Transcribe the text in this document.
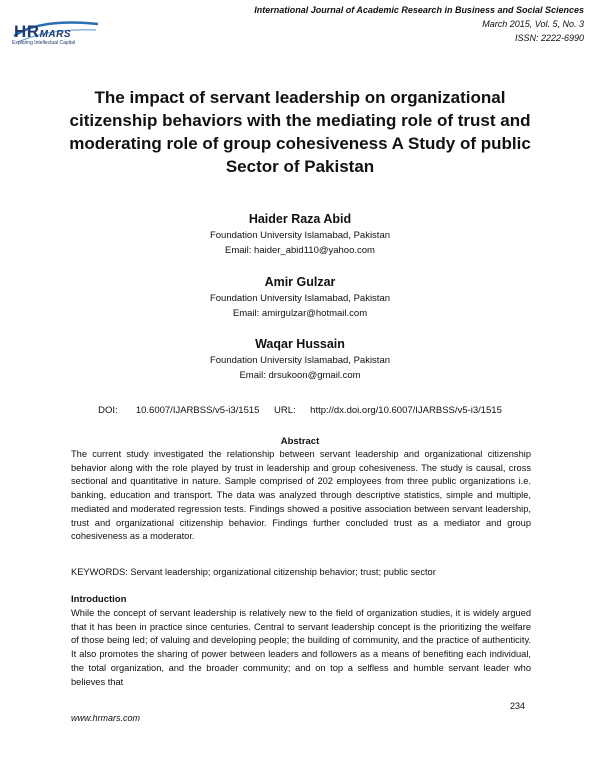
HRMARS
Exploring Intellectual Capital
International Journal of Academic Research in Business and Social Sciences
March 2015, Vol. 5, No. 3
ISSN: 2222-6990
The impact of servant leadership on organizational citizenship behaviors with the mediating role of trust and moderating role of group cohesiveness A Study of public Sector of Pakistan
Haider Raza Abid
Foundation University Islamabad, Pakistan
Email: haider_abid110@yahoo.com
Amir Gulzar
Foundation University Islamabad, Pakistan
Email: amirgulzar@hotmail.com
Waqar Hussain
Foundation University Islamabad, Pakistan
Email: drsukoon@gmail.com
DOI:     10.6007/IJARBSS/v5-i3/1515    URL:    http://dx.doi.org/10.6007/IJARBSS/v5-i3/1515
Abstract
The current study investigated the relationship between servant leadership and organizational citizenship behavior along with the role played by trust in leadership and group cohesiveness. The study is causal, cross sectional and quantitative in nature. Sample comprised of 202 employees from three public organizations i.e. banking, education and transport. The data was analyzed through descriptive statistics, simple and multiple, mediated and moderated regression tests. Findings showed a positive association between servant leadership, trust and organizational citizenship behavior. Findings further concluded trust as a mediator and group cohesiveness as a moderator.
KEYWORDS: Servant leadership; organizational citizenship behavior; trust; public sector
Introduction
While the concept of servant leadership is relatively new to the field of organization studies, it is widely argued that it has been in practice since centuries. Central to servant leadership concept is the prioritizing the welfare of those being led; of valuing and developing people; the building of community, and the practice of authenticity. It also promotes the sharing of power between leaders and followers as a means of benefiting each individual, the total organization, and the broader community; and on top a selfless and humble servant leader who believes that
234
www.hrmars.com
